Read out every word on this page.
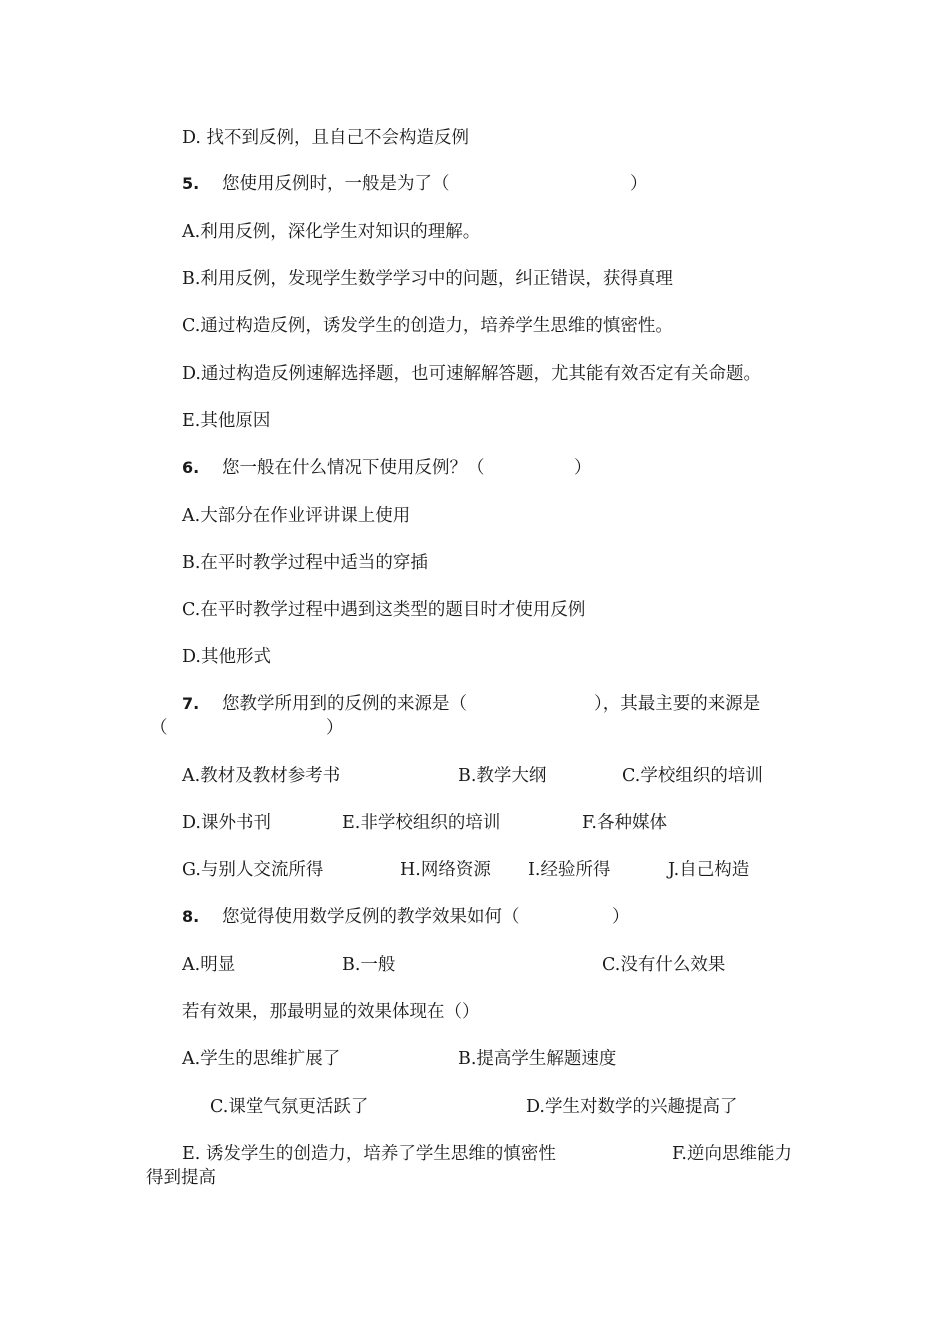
D. 找不到反例，且自己不会构造反例
5. 您使用反例时，一般是为了（	）
A.利用反例，深化学生对知识的理解。
B.利用反例，发现学生数学学习中的问题，纠正错误，获得真理
C.通过构造反例，诱发学生的创造力，培养学生思维的慎密性。
D.通过构造反例速解选择题，也可速解解答题，尤其能有效否定有关命题。
E.其他原因
6. 您一般在什么情况下使用反例？（	）
A.大部分在作业评讲课上使用
B.在平时教学过程中适当的穿插
C.在平时教学过程中遇到这类型的题目时才使用反例
D.其他形式
7. 您教学所用到的反例的来源是（	），其最主要的来源是
（	）
A.教材及教材参考书	B.教学大纲	C.学校组织的培训
D.课外书刊	E.非学校组织的培训	F.各种媒体
G.与别人交流所得	H.网络资源 I.经验所得	J.自己构造
8. 您觉得使用数学反例的教学效果如何（	）
A.明显	B.一般	C.没有什么效果
若有效果，那最明显的效果体现在（）
A.学生的思维扩展了	B.提高学生解题速度
C.课堂气氛更活跃了	D.学生对数学的兴趣提高了
E. 诱发学生的创造力，培养了学生思维的慎密性	F.逆向思维能力
得到提高
